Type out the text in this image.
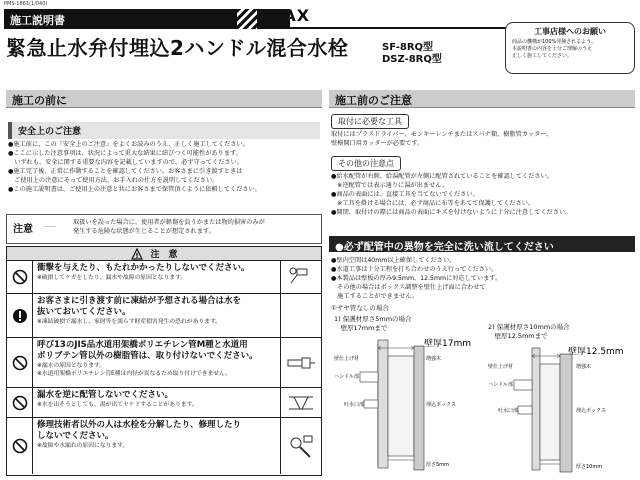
PMS-1861(1/040)
施工説明書	INAX
緊急止水弁付埋込2ハンドル混合水栓	SF-8RQ型
DSZ-8RQ型
工事店様へのお願い
商品の機構が100%発揮されるよう、
本説明書の内容を十分ご理解のうえ
正しく施工してください。
施工の前に
安全上のご注意
●施工前に、この『安全上のご注意』をよくお読みのうえ、正しく施工してください。
●ここに示した注意事項は、状況によって重大な結果に結びつく可能性があります。
　いずれも、安全に関する重要な内容を記載していますので、必ず守ってください。
●施工完了後、正常に作動することを確認してください。お客さまに引き渡すときは
　ご使用上の注意にそって使用方法、お手入れの仕方を説明してください。
●この施工説明書は、ご使用上の注意と共にお客さまで保管頂くように依頼してください。
注意 ……	取扱いを誤った場合に、使用者が軽傷を負うかまたは物的損害のみが
発生する危険な状態が生じることが想定されます。
! 注　意
衝撃を与えたり、もたれかかったりしないでください。
※破損してケガをしたり、漏水や故障の原因となります。
お客さまに引き渡す前に凍結が予想される場合は水を
抜いておいてください。
※凍結破損で漏水し、家財等を濡らす財産損害発生の恐れがあります。
呼び13のJIS品水道用架橋ポリエチレン管M種と水道用
ポリブテン管以外の樹脂管は、取り付けないでください。
※漏水の原因となります。
※水道用架橋ポリエチレン管E種は内径が異なるため取り付けできません。
漏水を逆に配管しないでください。
※水を出そうとしても、湯が出てヤケドすることがあります。
修理技術者以外の人は水栓を分解したり、修理したり
しないでください。
※故障や水漏れの原因になります。
施工前のご注意
取付に必要な工具
取付にはプラスドライバー、モンキーレンチまたはスパナ類、樹脂管カッター、
壁模開口用カッターが必要です。
その他の注意点
●給水配管が右側、給湯配管が左側に配管されていることを確認してください。
　※逆配管では表示通りに湯が出ません。
●商品の表面には、直接工具を当てないでください。
　※工具を掛ける場合には、必ず商品に布等をあてて保護してください。
●開閉、取付けの際には商品の表面にキズを付けないように十分に注意してください。
●必ず配管中の異物を完全に洗い流してください
●壁内空間は40mm以上確保してください。
●水道工事は十分工程を打ち合わせのうえ行ってください。
●本製品は壁板の厚み9.5mm、12.5mmに対応しています。
　その他の場合はボックス調整を壁仕上げ面に合わせて
　施工することができません。
①サヤ管なしの場合
1) 保護材厚さ5mmの場合
　壁厚17mmまで
壁厚17mm
壁仕上げ材	増強木
ハンドル部
吐水口部	埋込ボックス
厚さ5mm
2) 保護材厚さ10mmの場合
　壁厚12.5mmまで
壁厚12.5mm
壁仕上げ材	増強木
ハンドル部
吐水口部	埋込ボックス
厚さ10mm
